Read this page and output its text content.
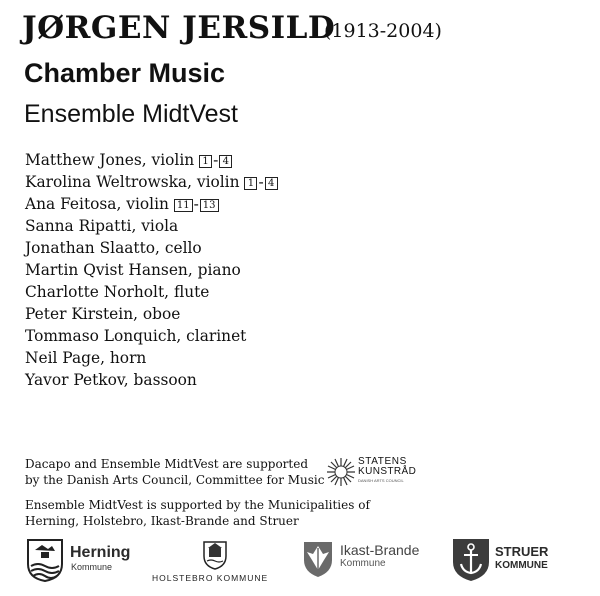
JØRGEN JERSILD
(1913-2004)
Chamber Music
Ensemble MidtVest
Matthew Jones, violin 1 - 4
Karolina Weltrowska, violin 1 - 4
Ana Feitosa, violin 11 - 13
Sanna Ripatti, viola
Jonathan Slaatto, cello
Martin Qvist Hansen, piano
Charlotte Norholt, flute
Peter Kirstein, oboe
Tommaso Lonquich, clarinet
Neil Page, horn
Yavor Petkov, bassoon
Dacapo and Ensemble MidtVest are supported
by the Danish Arts Council, Committee for Music
STATENS
KUNSTRÅD
DANISH ARTS COUNCIL
Ensemble MidtVest is supported by the Municipalities of
Herning, Holstebro, Ikast-Brande and Struer
Herning
Kommune
HOLSTEBRO KOMMUNE
Ikast-Brande
Kommune
STRUER
KOMMUNE
